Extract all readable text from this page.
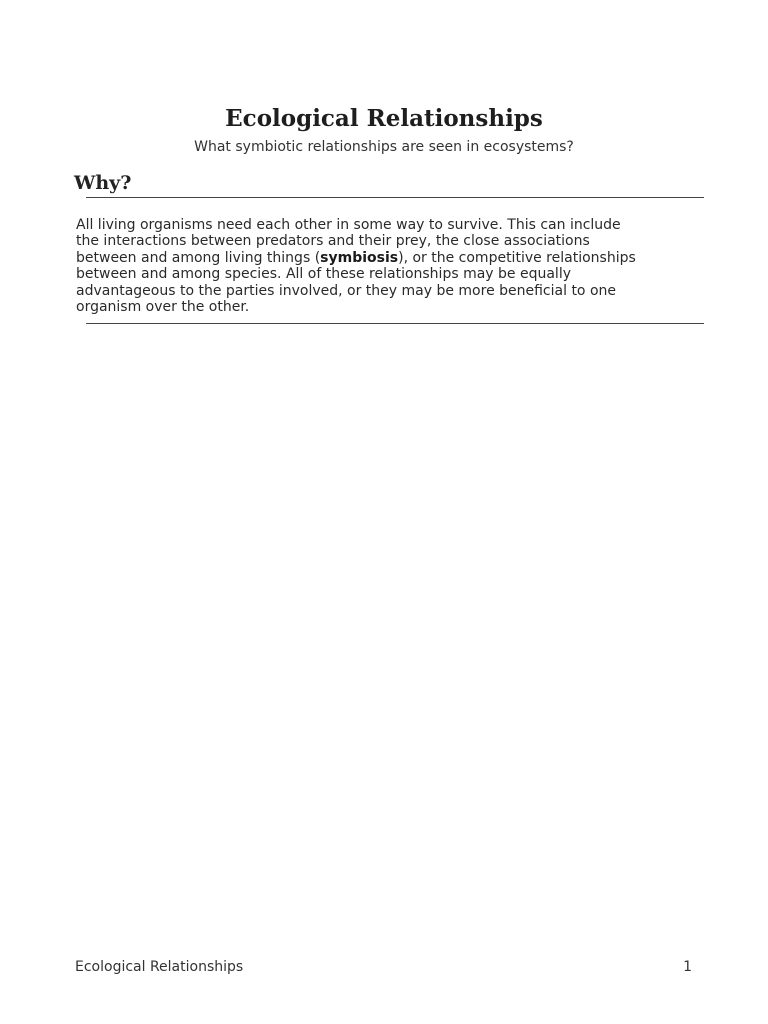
Ecological Relationships

What symbiotic relationships are seen in ecosystems?

Why?

All living organisms need each other in some way to survive. This can include
the interactions between predators and their prey, the close associations
between and among living things (symbiosis), or the competitive relationships
between and among species. All of these relationships may be equally
advantageous to the parties involved, or they may be more beneficial to one
organism over the other.

Ecological Relationships	1
